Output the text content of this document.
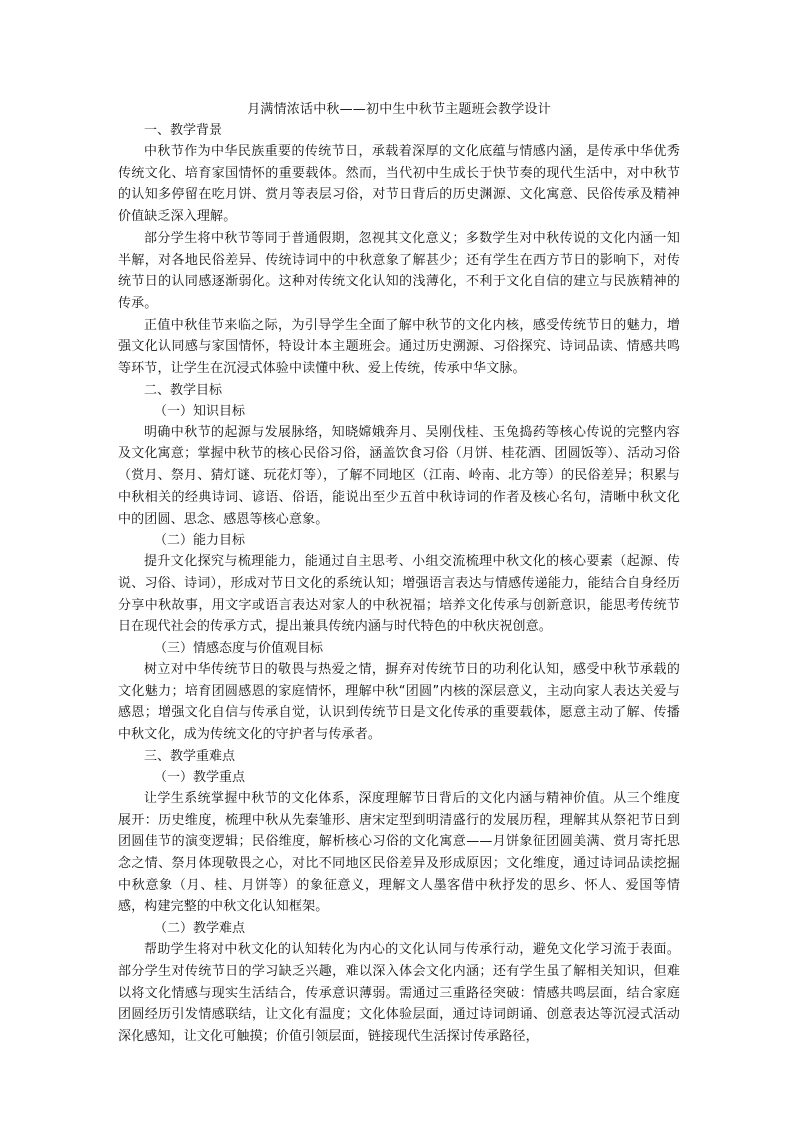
月满情浓话中秋——初中生中秋节主题班会教学设计

一、教学背景

中秋节作为中华民族重要的传统节日，承载着深厚的文化底蕴与情感内涵，是传承中华优秀传统文化、培育家国情怀的重要载体。然而，当代初中生成长于快节奏的现代生活中，对中秋节的认知多停留在吃月饼、赏月等表层习俗，对节日背后的历史渊源、文化寓意、民俗传承及精神价值缺乏深入理解。

部分学生将中秋节等同于普通假期，忽视其文化意义；多数学生对中秋传说的文化内涵一知半解，对各地民俗差异、传统诗词中的中秋意象了解甚少；还有学生在西方节日的影响下，对传统节日的认同感逐渐弱化。这种对传统文化认知的浅薄化，不利于文化自信的建立与民族精神的传承。

正值中秋佳节来临之际，为引导学生全面了解中秋节的文化内核，感受传统节日的魅力，增强文化认同感与家国情怀，特设计本主题班会。通过历史溯源、习俗探究、诗词品读、情感共鸣等环节，让学生在沉浸式体验中读懂中秋、爱上传统，传承中华文脉。

二、教学目标

（一）知识目标

明确中秋节的起源与发展脉络，知晓嫦娥奔月、吴刚伐桂、玉兔捣药等核心传说的完整内容及文化寓意；掌握中秋节的核心民俗习俗，涵盖饮食习俗（月饼、桂花酒、团圆饭等）、活动习俗（赏月、祭月、猜灯谜、玩花灯等），了解不同地区（江南、岭南、北方等）的民俗差异；积累与中秋相关的经典诗词、谚语、俗语，能说出至少五首中秋诗词的作者及核心名句，清晰中秋文化中的团圆、思念、感恩等核心意象。

（二）能力目标

提升文化探究与梳理能力，能通过自主思考、小组交流梳理中秋文化的核心要素（起源、传说、习俗、诗词），形成对节日文化的系统认知；增强语言表达与情感传递能力，能结合自身经历分享中秋故事，用文字或语言表达对家人的中秋祝福；培养文化传承与创新意识，能思考传统节日在现代社会的传承方式，提出兼具传统内涵与时代特色的中秋庆祝创意。

（三）情感态度与价值观目标

树立对中华传统节日的敬畏与热爱之情，摒弃对传统节日的功利化认知，感受中秋节承载的文化魅力；培育团圆感恩的家庭情怀，理解中秋“团圆”内核的深层意义，主动向家人表达关爱与感恩；增强文化自信与传承自觉，认识到传统节日是文化传承的重要载体，愿意主动了解、传播中秋文化，成为传统文化的守护者与传承者。

三、教学重难点

（一）教学重点

让学生系统掌握中秋节的文化体系，深度理解节日背后的文化内涵与精神价值。从三个维度展开：历史维度，梳理中秋从先秦雏形、唐宋定型到明清盛行的发展历程，理解其从祭祀节日到团圆佳节的演变逻辑；民俗维度，解析核心习俗的文化寓意——月饼象征团圆美满、赏月寄托思念之情、祭月体现敬畏之心，对比不同地区民俗差异及形成原因；文化维度，通过诗词品读挖掘中秋意象（月、桂、月饼等）的象征意义，理解文人墨客借中秋抒发的思乡、怀人、爱国等情感，构建完整的中秋文化认知框架。

（二）教学难点

帮助学生将对中秋文化的认知转化为内心的文化认同与传承行动，避免文化学习流于表面。部分学生对传统节日的学习缺乏兴趣，难以深入体会文化内涵；还有学生虽了解相关知识，但难以将文化情感与现实生活结合，传承意识薄弱。需通过三重路径突破：情感共鸣层面，结合家庭团圆经历引发情感联结，让文化有温度；文化体验层面，通过诗词朗诵、创意表达等沉浸式活动深化感知，让文化可触摸；价值引领层面，链接现代生活探讨传承路径，
